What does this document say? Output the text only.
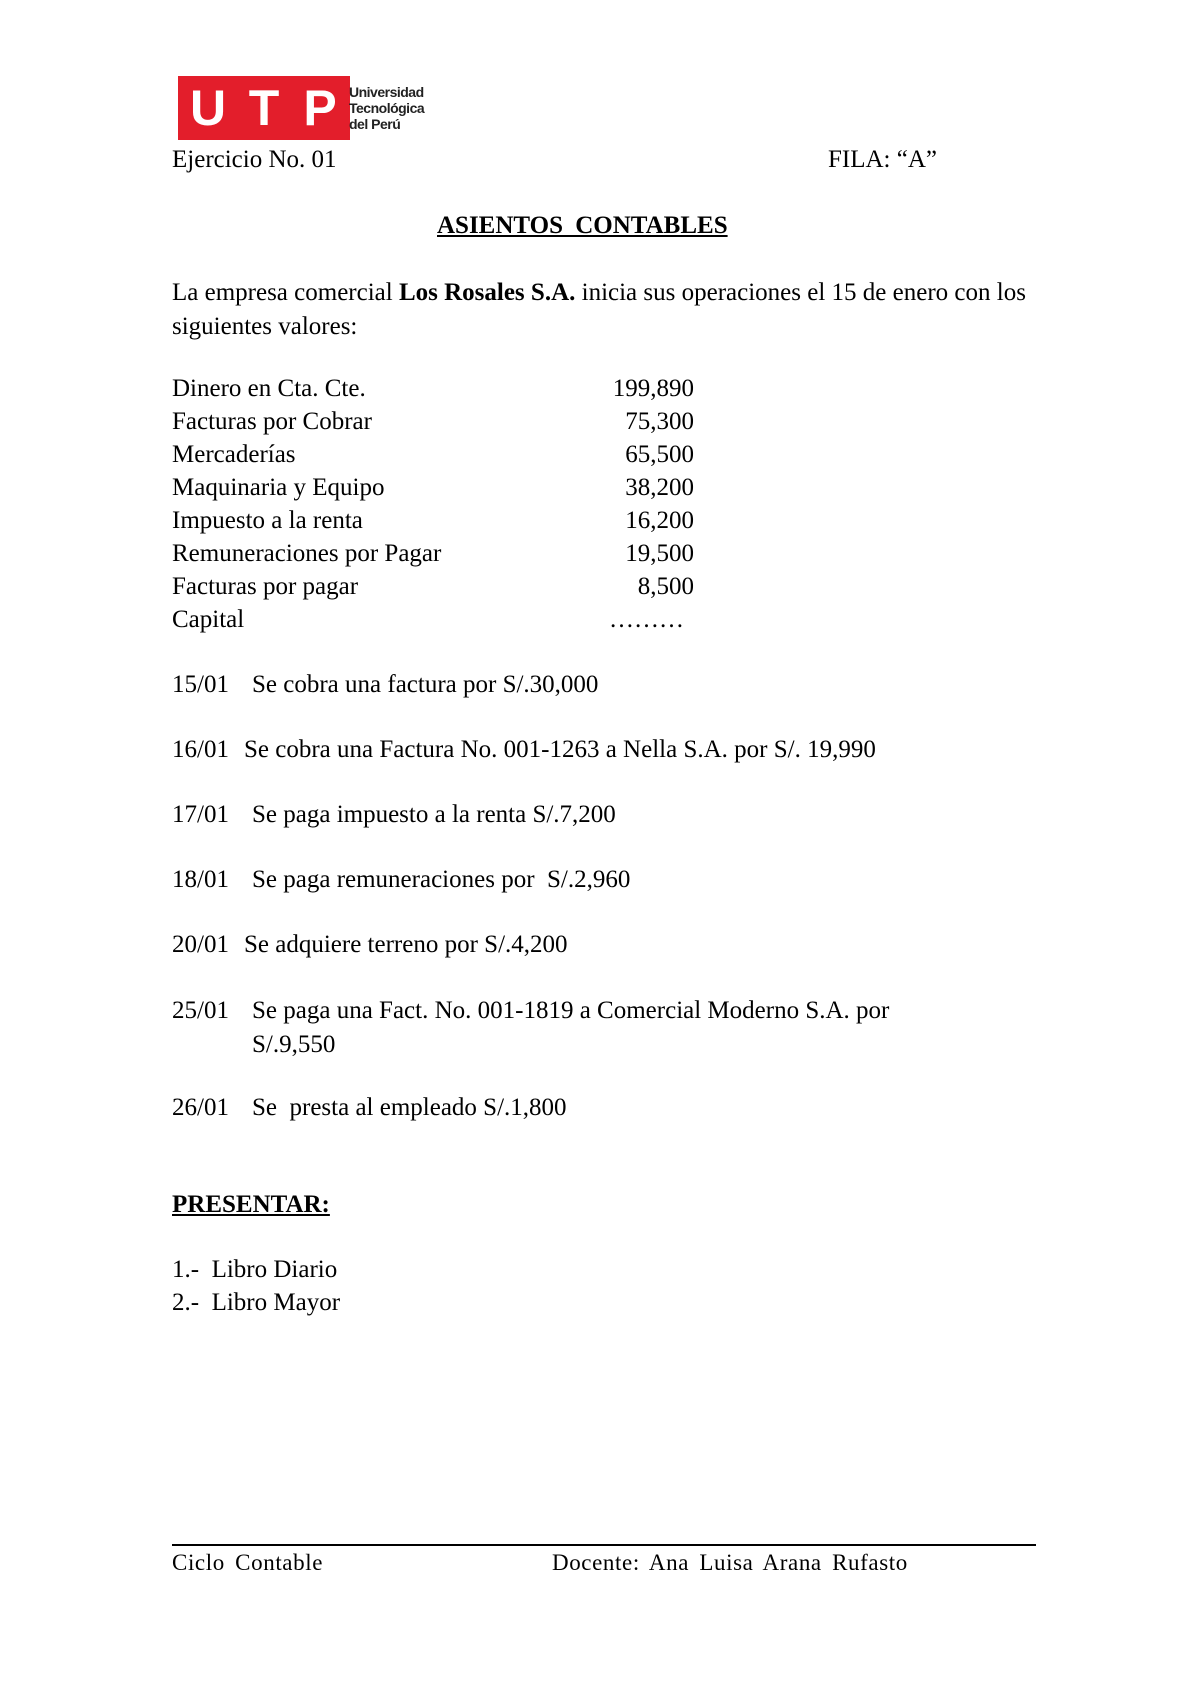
U T P Universidad
Tecnológica
del Perú
Ejercicio No. 01	FILA: “A”
ASIENTOS CONTABLES
La empresa comercial Los Rosales S.A. inicia sus operaciones el 15 de enero con los siguientes valores:
Dinero en Cta. Cte.	199,890
Facturas por Cobrar	75,300
Mercaderías	65,500
Maquinaria y Equipo	38,200
Impuesto a la renta	16,200
Remuneraciones por Pagar	19,500
Facturas por pagar	8,500
Capital	………
15/01 Se cobra una factura por S/.30,000
16/01 Se cobra una Factura No. 001-1263 a Nella S.A. por S/. 19,990
17/01 Se paga impuesto a la renta S/.7,200
18/01 Se paga remuneraciones por  S/.2,960
20/01 Se adquiere terreno por S/.4,200
25/01 Se paga una Fact. No. 001-1819 a Comercial Moderno S.A. por
S/.9,550
26/01 Se  presta al empleado S/.1,800
PRESENTAR:
1.-  Libro Diario
2.-  Libro Mayor
Ciclo Contable	Docente: Ana Luisa Arana Rufasto
